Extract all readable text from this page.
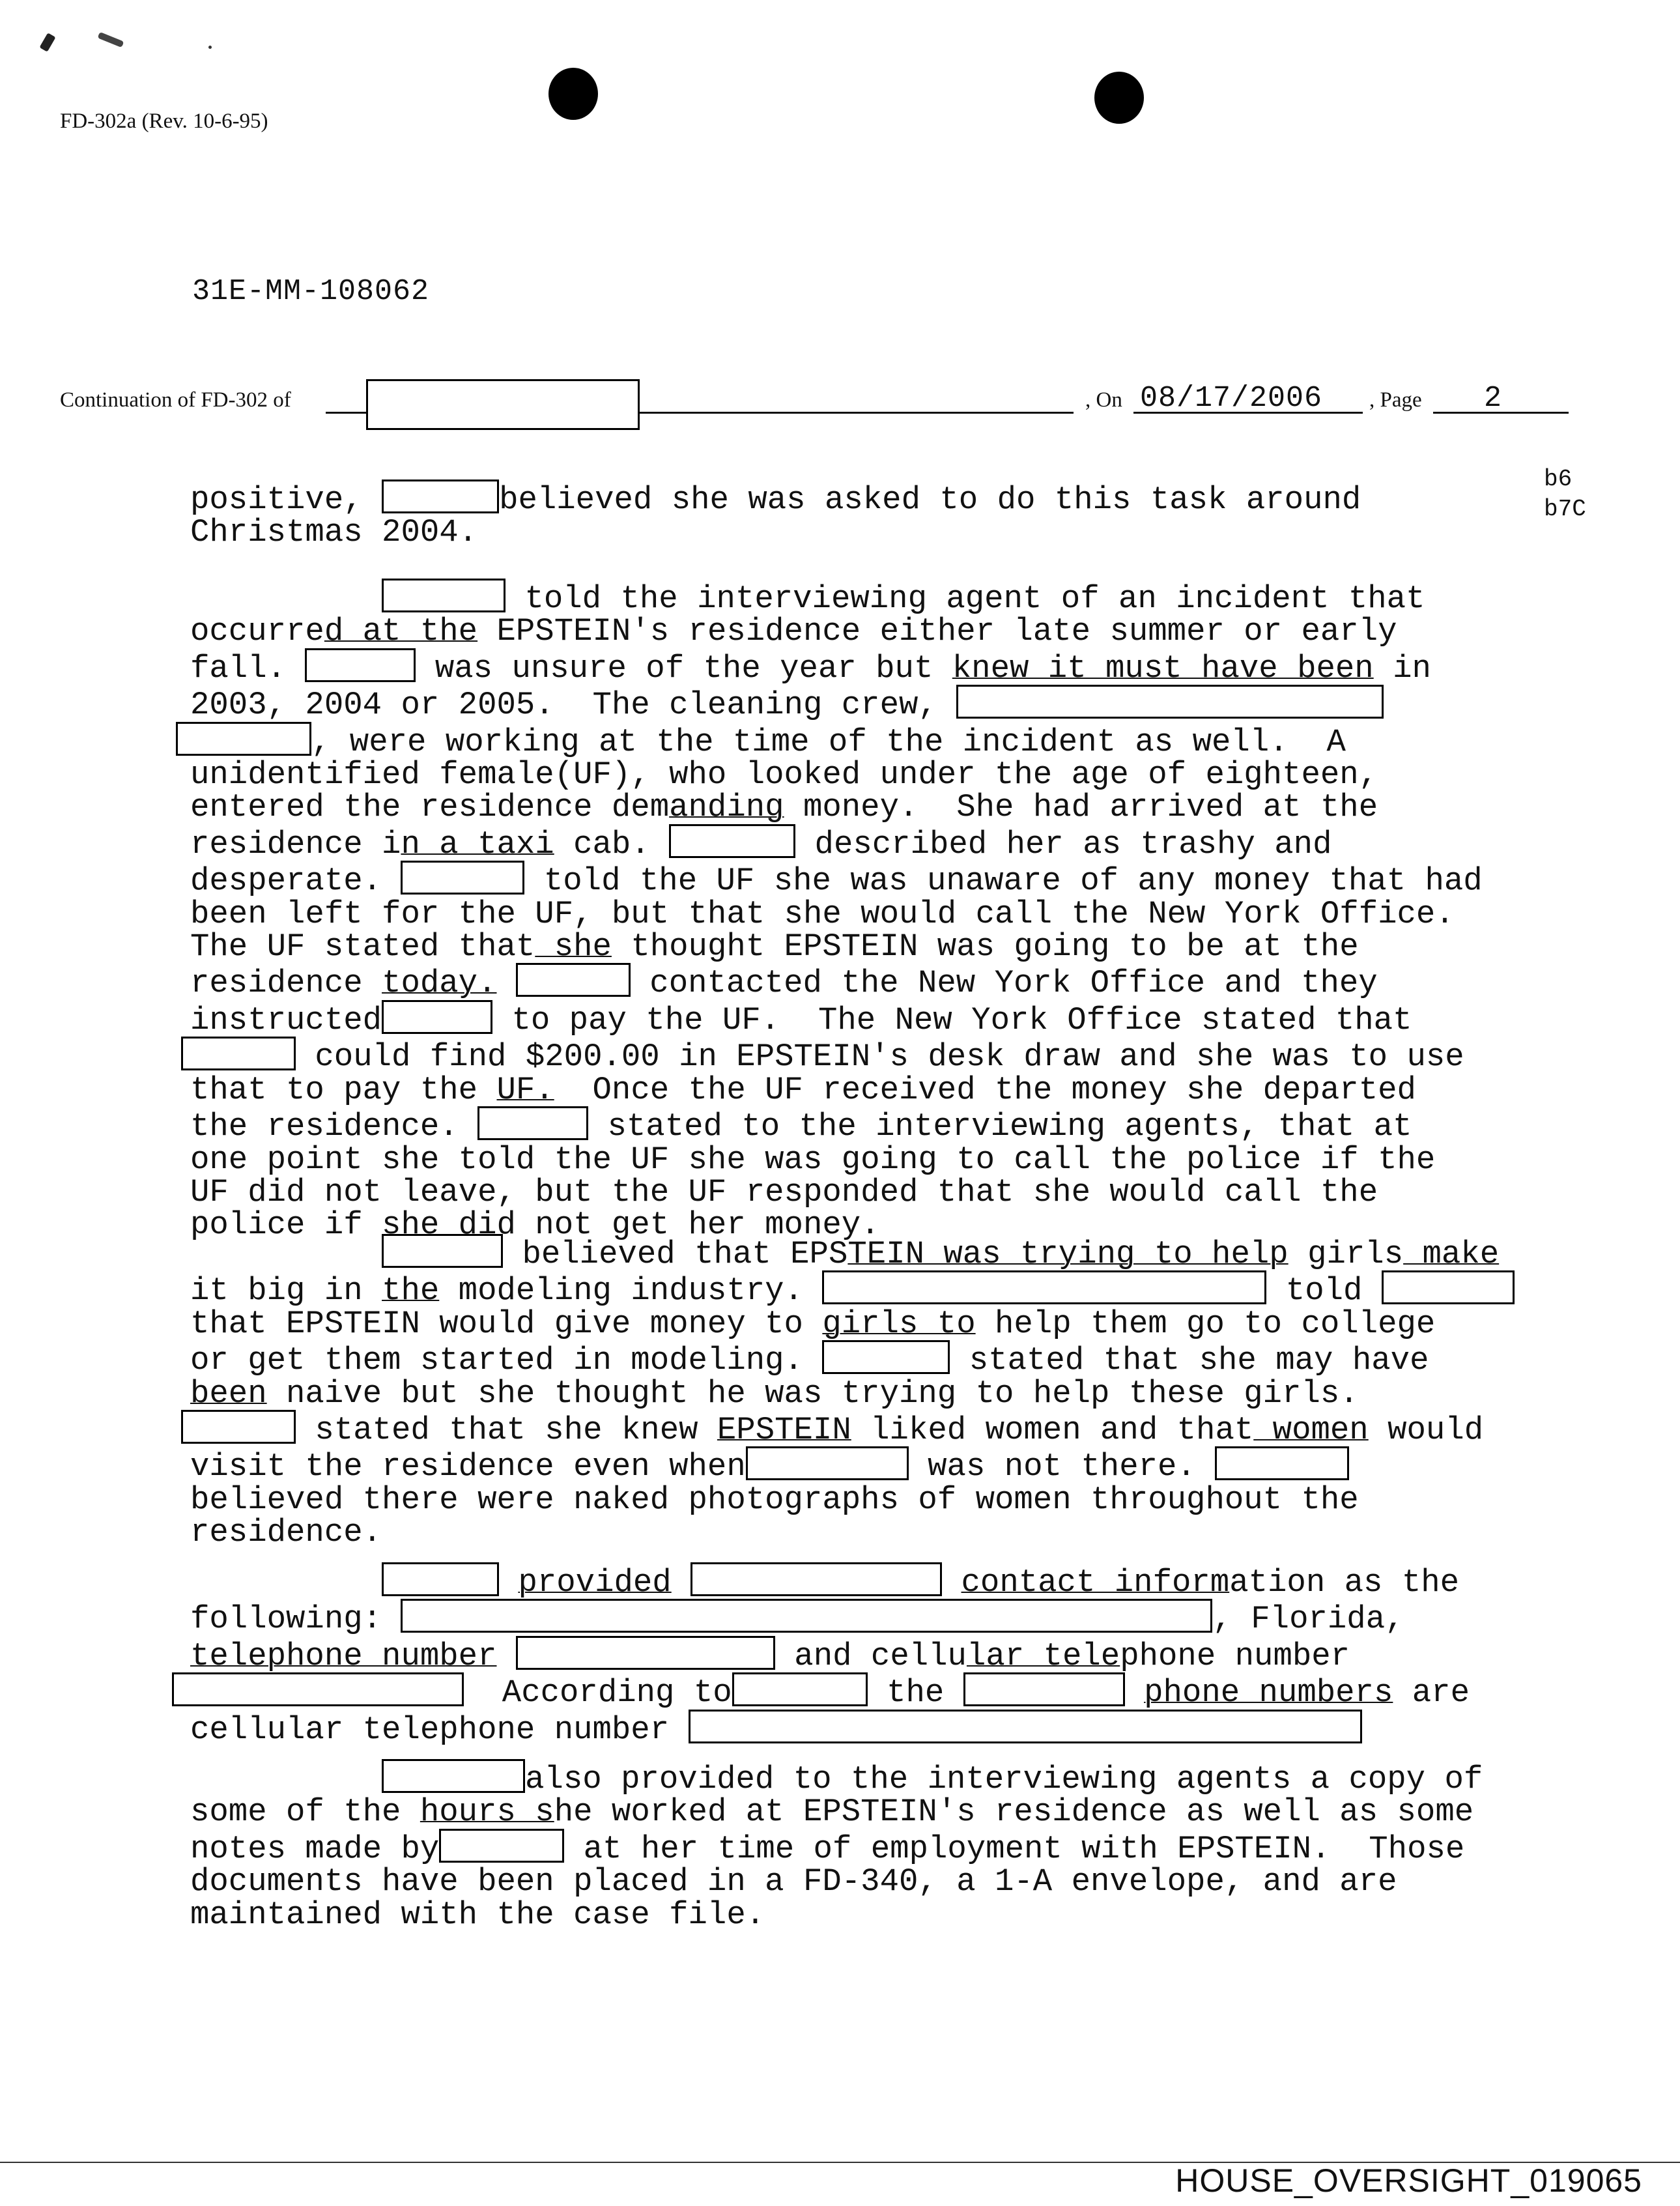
FD-302a (Rev. 10-6-95)
31E-MM-108062
Continuation of FD-302 of	, On 08/17/2006 , Page 2
b6
b7C
positive,	believed she was asked to do this task around
Christmas 2004.
told the interviewing agent of an incident that
occurred at the EPSTEIN's residence either late summer or early
fall.	was unsure of the year but knew it must have been in
2003, 2004 or 2005.  The cleaning crew,
, were working at the time of the incident as well.  A
unidentified female(UF), who looked under the age of eighteen,
entered the residence demanding money.  She had arrived at the
residence in a taxi cab.	described her as trashy and
desperate.	told the UF she was unaware of any money that had
been left for the UF, but that she would call the New York Office.
The UF stated that she thought EPSTEIN was going to be at the
residence today.	contacted the New York Office and they
instructed	to pay the UF.  The New York Office stated that
could find $200.00 in EPSTEIN's desk draw and she was to use
that to pay the UF.  Once the UF received the money she departed
the residence.	stated to the interviewing agents, that at
one point she told the UF she was going to call the police if the
UF did not leave, but the UF responded that she would call the
police if she did not get her money.
believed that EPSTEIN was trying to help girls make
it big in the modeling industry.	told
that EPSTEIN would give money to girls to help them go to college
or get them started in modeling.	stated that she may have
been naive but she thought he was trying to help these girls.
stated that she knew EPSTEIN liked women and that women would
visit the residence even when	was not there.
believed there were naked photographs of women throughout the
residence.
provided	contact information as the
following:	, Florida,
telephone number	and cellular telephone number
According to	the	phone numbers are
cellular telephone number
also provided to the interviewing agents a copy of
some of the hours she worked at EPSTEIN's residence as well as some
notes made by	at her time of employment with EPSTEIN.  Those
documents have been placed in a FD-340, a 1-A envelope, and are
maintained with the case file.
HOUSE_OVERSIGHT_019065
